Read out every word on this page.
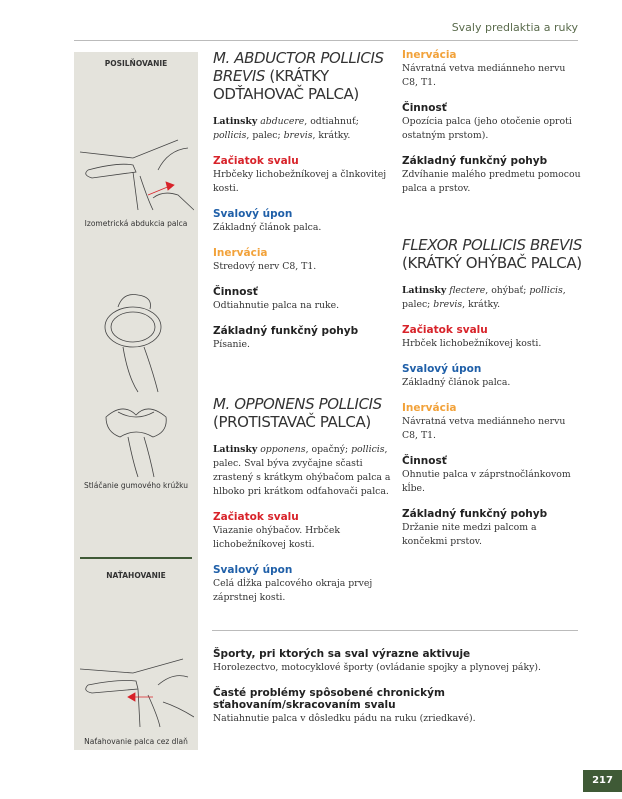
Svaly predlaktia a ruky
POSILŇOVANIE
Izometrická abdukcia palca
Stláčanie gumového krúžku
NAŤAHOVANIE
Naťahovanie palca cez dlaň
M. ABDUCTOR POLLICIS BREVIS (KRÁTKY ODŤAHOVAČ PALCA)

Latinsky abducere, odtiahnuť; pollicis, palec; brevis, krátky.

Začiatok svalu

Hrbčeky lichobežníkovej a člnkovitej kosti.

Svalový úpon

Základný článok palca.

Inervácia

Stredový nerv C8, T1.

Činnosť

Odtiahnutie palca na ruke.

Základný funkčný pohyb

Písanie.

M. OPPONENS POLLICIS (PROTISTAVAČ PALCA)

Latinsky opponens, opačný; pollicis, palec. Sval býva zvyčajne sčasti zrastený s krátkym ohýbačom palca a hlboko pri krátkom odťahovači palca.

Začiatok svalu

Viazanie ohýbačov. Hrbček lichobežníkovej kosti.

Svalový úpon

Celá dĺžka palcového okraja prvej záprstnej kosti.

Inervácia

Návratná vetva mediánneho nervu C8, T1.

Činnosť

Opozícia palca (jeho otočenie oproti ostatným prstom).

Základný funkčný pohyb

Zdvíhanie malého predmetu pomocou palca a prstov.

FLEXOR POLLICIS BREVIS (KRÁTKÝ OHÝBAČ PALCA)

Latinsky flectere, ohýbať; pollicis, palec; brevis, krátky.

Začiatok svalu

Hrbček lichobežníkovej kosti.

Svalový úpon

Základný článok palca.

Inervácia

Návratná vetva mediánneho nervu C8, T1.

Činnosť

Ohnutie palca v záprstnočlánkovom kĺbe.

Základný funkčný pohyb

Držanie nite medzi palcom a končekmi prstov.

Športy, pri ktorých sa sval výrazne aktivuje

Horolezectvo, motocyklové športy (ovládanie spojky a plynovej páky).

Časté problémy spôsobené chronickým sťahovaním/skracovaním svalu

Natiahnutie palca v dôsledku pádu na ruku (zriedkavé).

217
